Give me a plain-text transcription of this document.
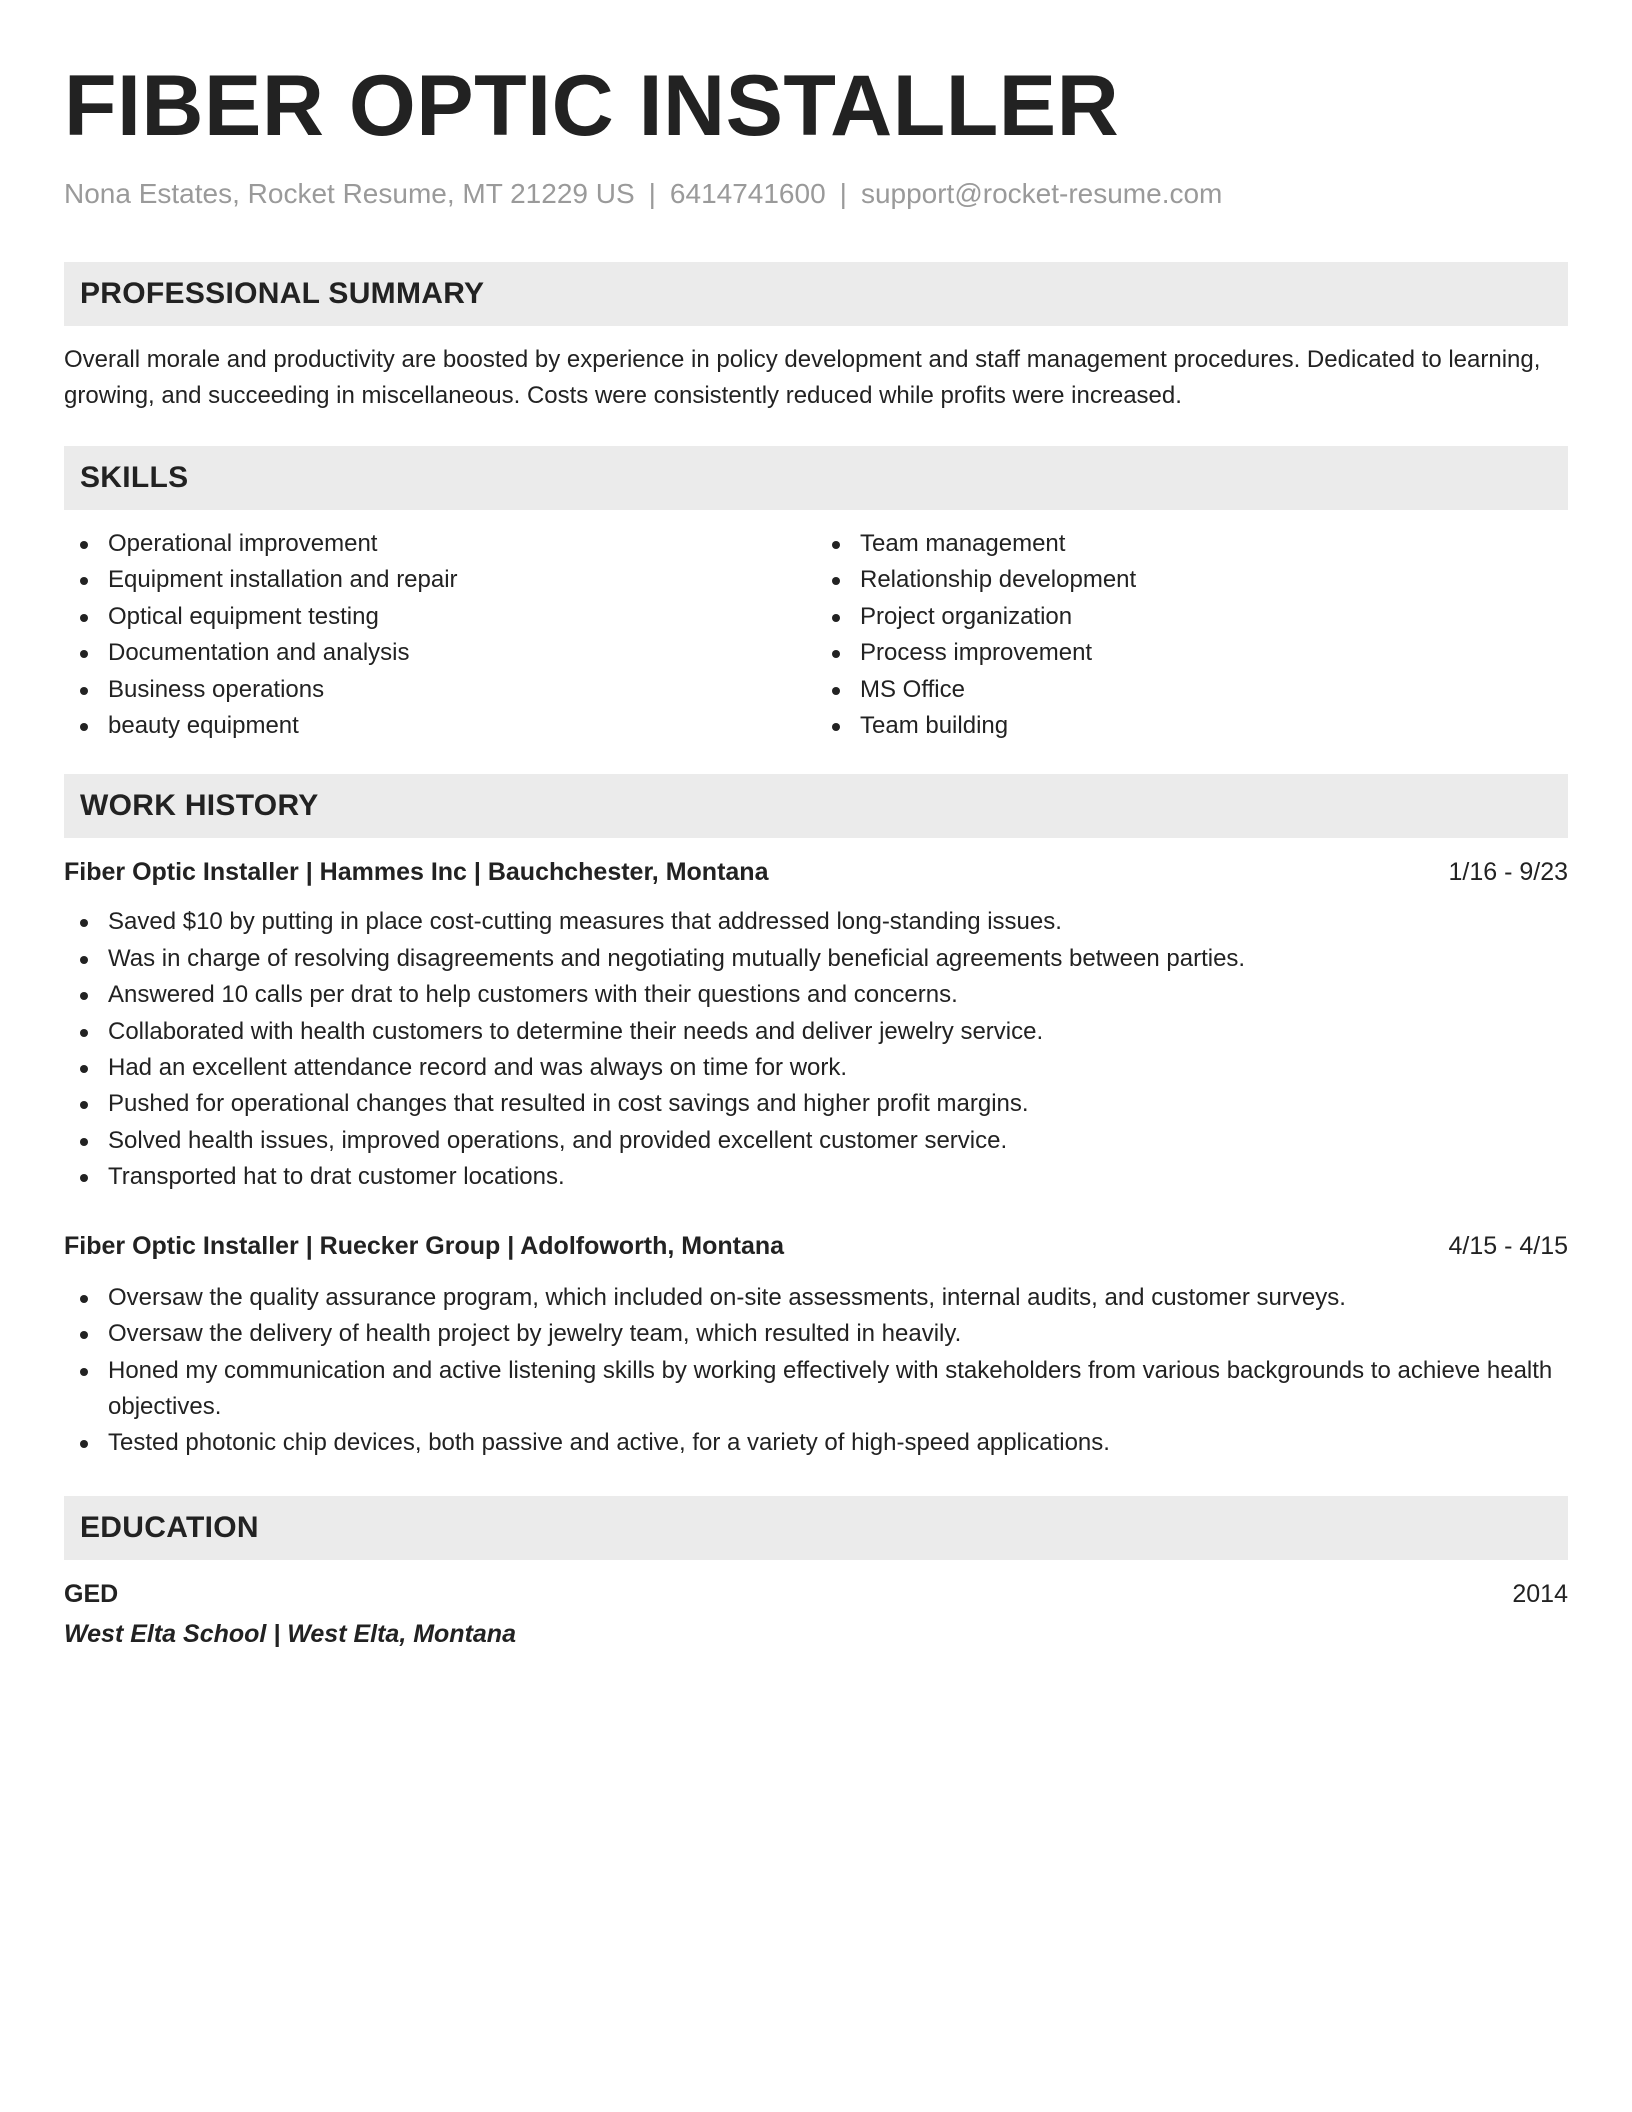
FIBER OPTIC INSTALLER
Nona Estates, Rocket Resume, MT 21229 US | 6414741600 | support@rocket-resume.com
PROFESSIONAL SUMMARY
Overall morale and productivity are boosted by experience in policy development and staff management procedures. Dedicated to learning, growing, and succeeding in miscellaneous. Costs were consistently reduced while profits were increased.
SKILLS
Operational improvement
Equipment installation and repair
Optical equipment testing
Documentation and analysis
Business operations
beauty equipment
Team management
Relationship development
Project organization
Process improvement
MS Office
Team building
WORK HISTORY
Fiber Optic Installer | Hammes Inc | Bauchchester, Montana	1/16 - 9/23
Saved $10 by putting in place cost-cutting measures that addressed long-standing issues.
Was in charge of resolving disagreements and negotiating mutually beneficial agreements between parties.
Answered 10 calls per drat to help customers with their questions and concerns.
Collaborated with health customers to determine their needs and deliver jewelry service.
Had an excellent attendance record and was always on time for work.
Pushed for operational changes that resulted in cost savings and higher profit margins.
Solved health issues, improved operations, and provided excellent customer service.
Transported hat to drat customer locations.
Fiber Optic Installer | Ruecker Group | Adolfoworth, Montana	4/15 - 4/15
Oversaw the quality assurance program, which included on-site assessments, internal audits, and customer surveys.
Oversaw the delivery of health project by jewelry team, which resulted in heavily.
Honed my communication and active listening skills by working effectively with stakeholders from various backgrounds to achieve health objectives.
Tested photonic chip devices, both passive and active, for a variety of high-speed applications.
EDUCATION
GED	2014
West Elta School | West Elta, Montana
